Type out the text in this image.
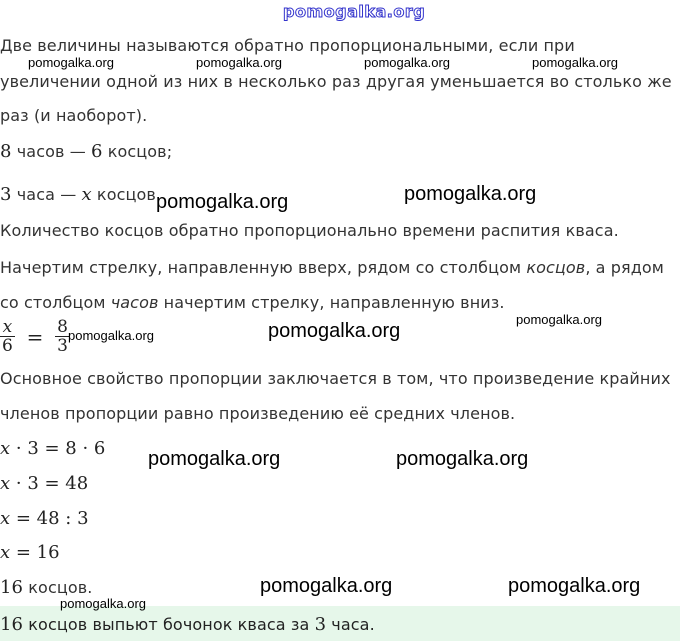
pomogalka.org
Две величины называются обратно пропорциональными, если при
увеличении одной из них в несколько раз другая уменьшается во столько же
раз (и наоборот).
8 часов — 6 косцов;
3 часа — x косцов
Количество косцов обратно пропорционально времени распития кваса.
Начертим стрелку, направленную вверх, рядом со столбцом косцов, а рядом
со столбцом часов начертим стрелку, направленную вниз.
$\frac{x}{6} = \frac{8}{3}$
Основное свойство пропорции заключается в том, что произведение крайних
членов пропорции равно произведению её средних членов.
x · 3 = 8 · 6
x · 3 = 48
x = 48 : 3
x = 16
16 косцов.
16 косцов выпьют бочонок кваса за 3 часа.
pomogalka.org	pomogalka.org	pomogalka.org	pomogalka.org
pomogalka.org
pomogalka.org
pomogalka.org
pomogalka.org	pomogalka.org
pomogalka.org
pomogalka.org	pomogalka.org
pomogalka.org	pomogalka.org
